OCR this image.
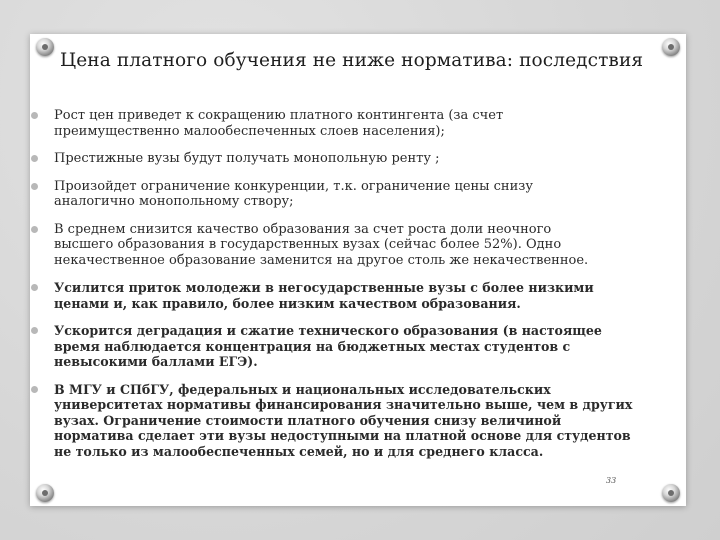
Цена платного обучения не ниже норматива: последствия
Рост цен приведет к сокращению платного контингента (за счет
преимущественно малообеспеченных слоев населения);
Престижные вузы будут получать монопольную ренту ;
Произойдет ограничение конкуренции, т.к. ограничение цены снизу
аналогично монопольному створу;
В среднем снизится качество образования за счет роста доли неочного
высшего образования в государственных вузах (сейчас более 52%). Одно
некачественное образование заменится на другое столь же некачественное.
Усилится приток молодежи в негосударственные вузы с более низкими
ценами и, как правило, более низким качеством образования.
Ускорится деградация и сжатие технического образования (в настоящее
время наблюдается концентрация на бюджетных местах студентов с
невысокими баллами ЕГЭ).
В МГУ и СПбГУ, федеральных и национальных исследовательских
университетах нормативы финансирования значительно выше, чем в других
вузах. Ограничение стоимости платного обучения снизу величиной
норматива сделает эти вузы недоступными на платной основе для студентов
не только из малообеспеченных семей, но и для среднего класса.
33
